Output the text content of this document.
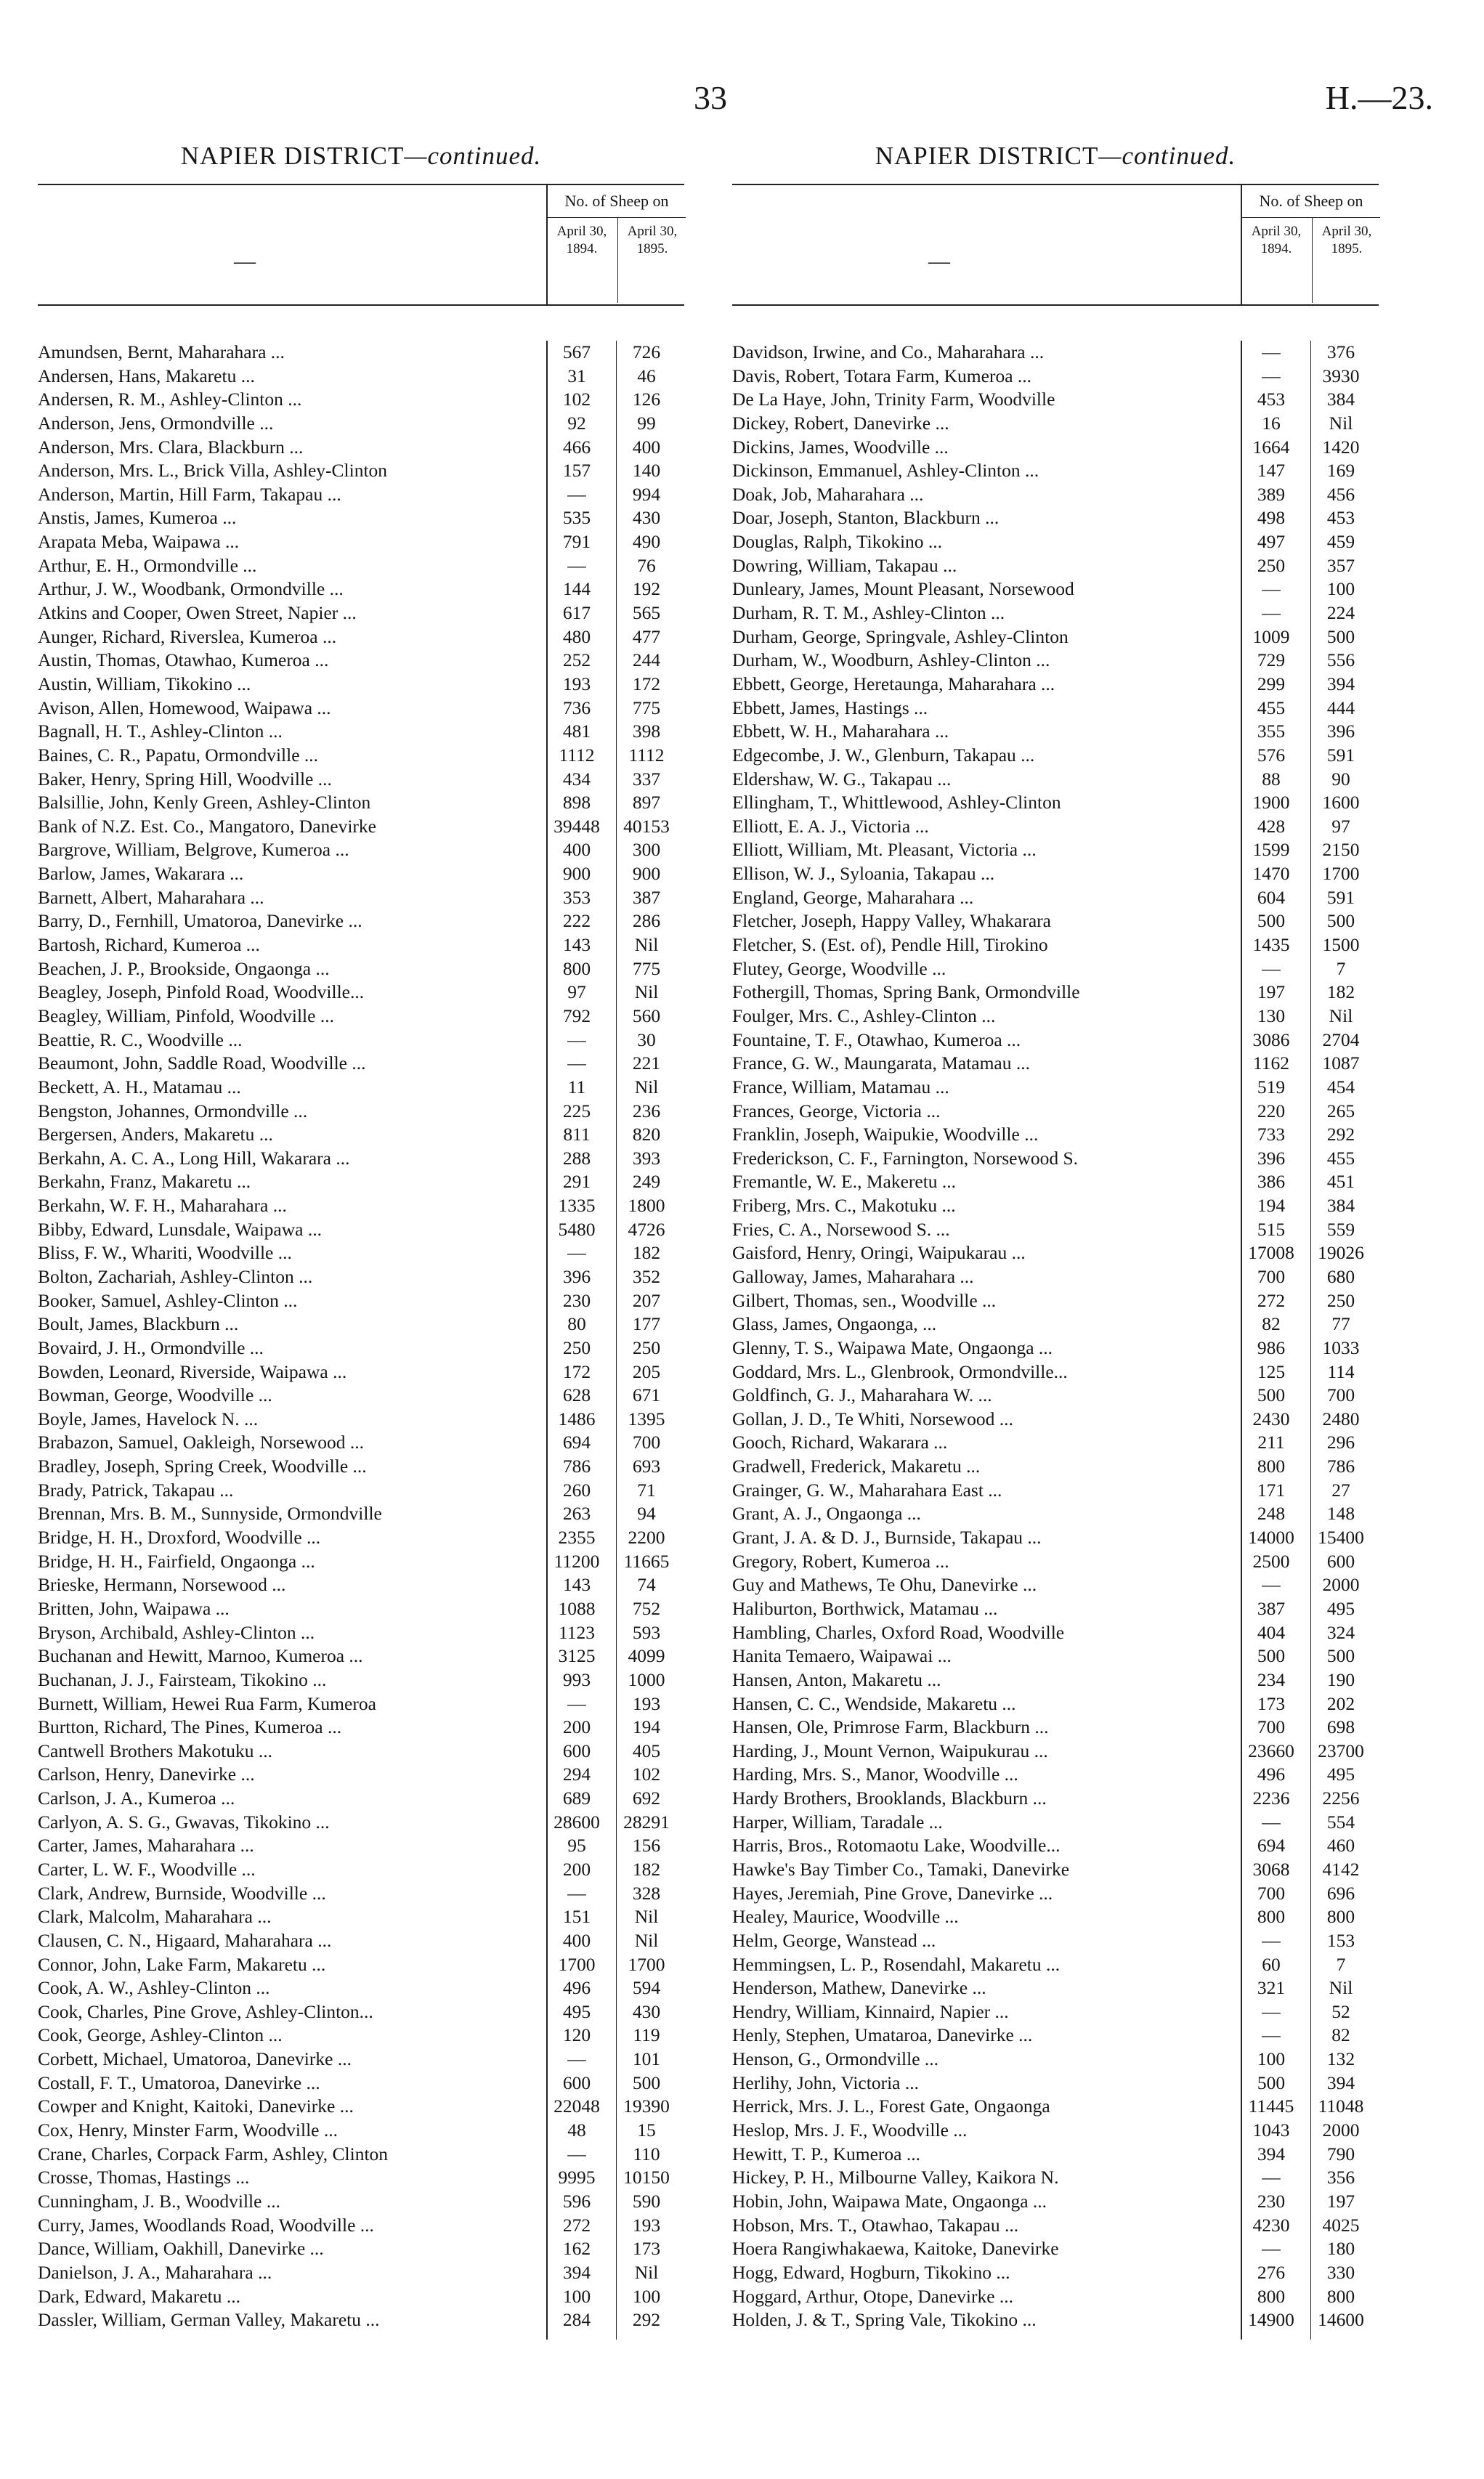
33	H.—23.
NAPIER DISTRICT—continued.
—
No. of Sheep on
April 30,
1894.
April 30,
1895.
Amundsen, Bernt, Maharahara ...	567	726
Andersen, Hans, Makaretu ...	31	46
Andersen, R. M., Ashley-Clinton ...	102	126
Anderson, Jens, Ormondville ...	92	99
Anderson, Mrs. Clara, Blackburn ...	466	400
Anderson, Mrs. L., Brick Villa, Ashley-Clinton	157	140
Anderson, Martin, Hill Farm, Takapau ...	—	994
Anstis, James, Kumeroa ...	535	430
Arapata Meba, Waipawa ...	791	490
Arthur, E. H., Ormondville ...	—	76
Arthur, J. W., Woodbank, Ormondville ...	144	192
Atkins and Cooper, Owen Street, Napier ...	617	565
Aunger, Richard, Riverslea, Kumeroa ...	480	477
Austin, Thomas, Otawhao, Kumeroa ...	252	244
Austin, William, Tikokino ...	193	172
Avison, Allen, Homewood, Waipawa ...	736	775
Bagnall, H. T., Ashley-Clinton ...	481	398
Baines, C. R., Papatu, Ormondville ...	1112	1112
Baker, Henry, Spring Hill, Woodville ...	434	337
Balsillie, John, Kenly Green, Ashley-Clinton	898	897
Bank of N.Z. Est. Co., Mangatoro, Danevirke	39448	40153
Bargrove, William, Belgrove, Kumeroa ...	400	300
Barlow, James, Wakarara ...	900	900
Barnett, Albert, Maharahara ...	353	387
Barry, D., Fernhill, Umatoroa, Danevirke ...	222	286
Bartosh, Richard, Kumeroa ...	143	Nil
Beachen, J. P., Brookside, Ongaonga ...	800	775
Beagley, Joseph, Pinfold Road, Woodville...	97	Nil
Beagley, William, Pinfold, Woodville ...	792	560
Beattie, R. C., Woodville ...	—	30
Beaumont, John, Saddle Road, Woodville ...	—	221
Beckett, A. H., Matamau ...	11	Nil
Bengston, Johannes, Ormondville ...	225	236
Bergersen, Anders, Makaretu ...	811	820
Berkahn, A. C. A., Long Hill, Wakarara ...	288	393
Berkahn, Franz, Makaretu ...	291	249
Berkahn, W. F. H., Maharahara ...	1335	1800
Bibby, Edward, Lunsdale, Waipawa ...	5480	4726
Bliss, F. W., Whariti, Woodville ...	—	182
Bolton, Zachariah, Ashley-Clinton ...	396	352
Booker, Samuel, Ashley-Clinton ...	230	207
Boult, James, Blackburn ...	80	177
Bovaird, J. H., Ormondville ...	250	250
Bowden, Leonard, Riverside, Waipawa ...	172	205
Bowman, George, Woodville ...	628	671
Boyle, James, Havelock N. ...	1486	1395
Brabazon, Samuel, Oakleigh, Norsewood ...	694	700
Bradley, Joseph, Spring Creek, Woodville ...	786	693
Brady, Patrick, Takapau ...	260	71
Brennan, Mrs. B. M., Sunnyside, Ormondville	263	94
Bridge, H. H., Droxford, Woodville ...	2355	2200
Bridge, H. H., Fairfield, Ongaonga ...	11200	11665
Brieske, Hermann, Norsewood ...	143	74
Britten, John, Waipawa ...	1088	752
Bryson, Archibald, Ashley-Clinton ...	1123	593
Buchanan and Hewitt, Marnoo, Kumeroa ...	3125	4099
Buchanan, J. J., Fairsteam, Tikokino ...	993	1000
Burnett, William, Hewei Rua Farm, Kumeroa	—	193
Burtton, Richard, The Pines, Kumeroa ...	200	194
Cantwell Brothers Makotuku ...	600	405
Carlson, Henry, Danevirke ...	294	102
Carlson, J. A., Kumeroa ...	689	692
Carlyon, A. S. G., Gwavas, Tikokino ...	28600	28291
Carter, James, Maharahara ...	95	156
Carter, L. W. F., Woodville ...	200	182
Clark, Andrew, Burnside, Woodville ...	—	328
Clark, Malcolm, Maharahara ...	151	Nil
Clausen, C. N., Higaard, Maharahara ...	400	Nil
Connor, John, Lake Farm, Makaretu ...	1700	1700
Cook, A. W., Ashley-Clinton ...	496	594
Cook, Charles, Pine Grove, Ashley-Clinton...	495	430
Cook, George, Ashley-Clinton ...	120	119
Corbett, Michael, Umatoroa, Danevirke ...	—	101
Costall, F. T., Umatoroa, Danevirke ...	600	500
Cowper and Knight, Kaitoki, Danevirke ...	22048	19390
Cox, Henry, Minster Farm, Woodville ...	48	15
Crane, Charles, Corpack Farm, Ashley, Clinton	—	110
Crosse, Thomas, Hastings ...	9995	10150
Cunningham, J. B., Woodville ...	596	590
Curry, James, Woodlands Road, Woodville ...	272	193
Dance, William, Oakhill, Danevirke ...	162	173
Danielson, J. A., Maharahara ...	394	Nil
Dark, Edward, Makaretu ...	100	100
Dassler, William, German Valley, Makaretu ...	284	292
NAPIER DISTRICT—continued.
—
No. of Sheep on
April 30,
1894.
April 30,
1895.
Davidson, Irwine, and Co., Maharahara ...	—	376
Davis, Robert, Totara Farm, Kumeroa ...	—	3930
De La Haye, John, Trinity Farm, Woodville	453	384
Dickey, Robert, Danevirke ...	16	Nil
Dickins, James, Woodville ...	1664	1420
Dickinson, Emmanuel, Ashley-Clinton ...	147	169
Doak, Job, Maharahara ...	389	456
Doar, Joseph, Stanton, Blackburn ...	498	453
Douglas, Ralph, Tikokino ...	497	459
Dowring, William, Takapau ...	250	357
Dunleary, James, Mount Pleasant, Norsewood	—	100
Durham, R. T. M., Ashley-Clinton ...	—	224
Durham, George, Springvale, Ashley-Clinton	1009	500
Durham, W., Woodburn, Ashley-Clinton ...	729	556
Ebbett, George, Heretaunga, Maharahara ...	299	394
Ebbett, James, Hastings ...	455	444
Ebbett, W. H., Maharahara ...	355	396
Edgecombe, J. W., Glenburn, Takapau ...	576	591
Eldershaw, W. G., Takapau ...	88	90
Ellingham, T., Whittlewood, Ashley-Clinton	1900	1600
Elliott, E. A. J., Victoria ...	428	97
Elliott, William, Mt. Pleasant, Victoria ...	1599	2150
Ellison, W. J., Syloania, Takapau ...	1470	1700
England, George, Maharahara ...	604	591
Fletcher, Joseph, Happy Valley, Whakarara	500	500
Fletcher, S. (Est. of), Pendle Hill, Tirokino	1435	1500
Flutey, George, Woodville ...	—	7
Fothergill, Thomas, Spring Bank, Ormondville	197	182
Foulger, Mrs. C., Ashley-Clinton ...	130	Nil
Fountaine, T. F., Otawhao, Kumeroa ...	3086	2704
France, G. W., Maungarata, Matamau ...	1162	1087
France, William, Matamau ...	519	454
Frances, George, Victoria ...	220	265
Franklin, Joseph, Waipukie, Woodville ...	733	292
Frederickson, C. F., Farnington, Norsewood S.	396	455
Fremantle, W. E., Makeretu ...	386	451
Friberg, Mrs. C., Makotuku ...	194	384
Fries, C. A., Norsewood S. ...	515	559
Gaisford, Henry, Oringi, Waipukarau ...	17008	19026
Galloway, James, Maharahara ...	700	680
Gilbert, Thomas, sen., Woodville ...	272	250
Glass, James, Ongaonga, ...	82	77
Glenny, T. S., Waipawa Mate, Ongaonga ...	986	1033
Goddard, Mrs. L., Glenbrook, Ormondville...	125	114
Goldfinch, G. J., Maharahara W. ...	500	700
Gollan, J. D., Te Whiti, Norsewood ...	2430	2480
Gooch, Richard, Wakarara ...	211	296
Gradwell, Frederick, Makaretu ...	800	786
Grainger, G. W., Maharahara East ...	171	27
Grant, A. J., Ongaonga ...	248	148
Grant, J. A. & D. J., Burnside, Takapau ...	14000	15400
Gregory, Robert, Kumeroa ...	2500	600
Guy and Mathews, Te Ohu, Danevirke ...	—	2000
Haliburton, Borthwick, Matamau ...	387	495
Hambling, Charles, Oxford Road, Woodville	404	324
Hanita Temaero, Waipawai ...	500	500
Hansen, Anton, Makaretu ...	234	190
Hansen, C. C., Wendside, Makaretu ...	173	202
Hansen, Ole, Primrose Farm, Blackburn ...	700	698
Harding, J., Mount Vernon, Waipukurau ...	23660	23700
Harding, Mrs. S., Manor, Woodville ...	496	495
Hardy Brothers, Brooklands, Blackburn ...	2236	2256
Harper, William, Taradale ...	—	554
Harris, Bros., Rotomaotu Lake, Woodville...	694	460
Hawke's Bay Timber Co., Tamaki, Danevirke	3068	4142
Hayes, Jeremiah, Pine Grove, Danevirke ...	700	696
Healey, Maurice, Woodville ...	800	800
Helm, George, Wanstead ...	—	153
Hemmingsen, L. P., Rosendahl, Makaretu ...	60	7
Henderson, Mathew, Danevirke ...	321	Nil
Hendry, William, Kinnaird, Napier ...	—	52
Henly, Stephen, Umataroa, Danevirke ...	—	82
Henson, G., Ormondville ...	100	132
Herlihy, John, Victoria ...	500	394
Herrick, Mrs. J. L., Forest Gate, Ongaonga	11445	11048
Heslop, Mrs. J. F., Woodville ...	1043	2000
Hewitt, T. P., Kumeroa ...	394	790
Hickey, P. H., Milbourne Valley, Kaikora N.	—	356
Hobin, John, Waipawa Mate, Ongaonga ...	230	197
Hobson, Mrs. T., Otawhao, Takapau ...	4230	4025
Hoera Rangiwhakaewa, Kaitoke, Danevirke	—	180
Hogg, Edward, Hogburn, Tikokino ...	276	330
Hoggard, Arthur, Otope, Danevirke ...	800	800
Holden, J. & T., Spring Vale, Tikokino ...	14900	14600
